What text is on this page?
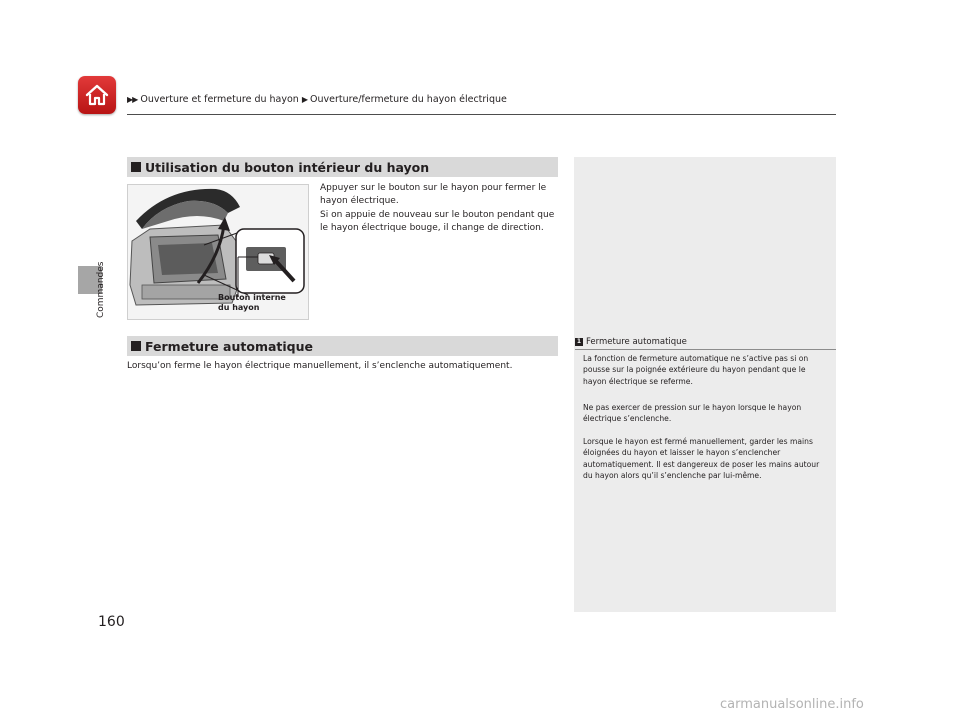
▶▶ Ouverture et fermeture du hayon ▶ Ouverture/fermeture du hayon électrique
Commandes
Utilisation du bouton intérieur du hayon
Bouton interne
du hayon
Appuyer sur le bouton sur le hayon pour fermer le hayon électrique.
Si on appuie de nouveau sur le bouton pendant que le hayon électrique bouge, il change de direction.
Fermeture automatique
Lorsqu’on ferme le hayon électrique manuellement, il s’enclenche automatiquement.
1 Fermeture automatique
La fonction de fermeture automatique ne s’active pas si on pousse sur la poignée extérieure du hayon pendant que le hayon électrique se referme.
Ne pas exercer de pression sur le hayon lorsque le hayon électrique s’enclenche.
Lorsque le hayon est fermé manuellement, garder les mains éloignées du hayon et laisser le hayon s’enclencher automatiquement. Il est dangereux de poser les mains autour du hayon alors qu’il s’enclenche par lui-même.
160
carmanualsonline.info
